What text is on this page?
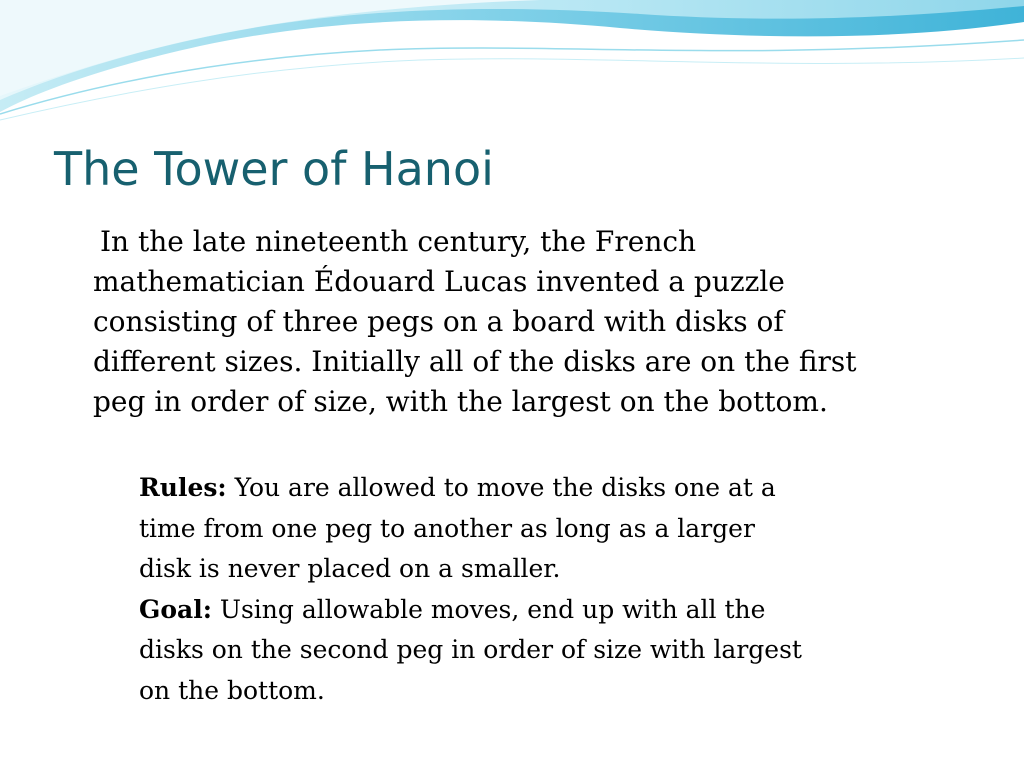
The Tower of Hanoi

In the late nineteenth century, the French
mathematician Édouard Lucas invented a puzzle
consisting of three pegs on a board with disks of
different sizes. Initially all of the disks are on the first
peg in order of size, with the largest on the bottom.

Rules: You are allowed to move the disks one at a
time from one peg to another as long as a larger
disk is never placed on a smaller.

Goal: Using allowable moves, end up with all the
disks on the second peg in order of size with largest
on the bottom.
